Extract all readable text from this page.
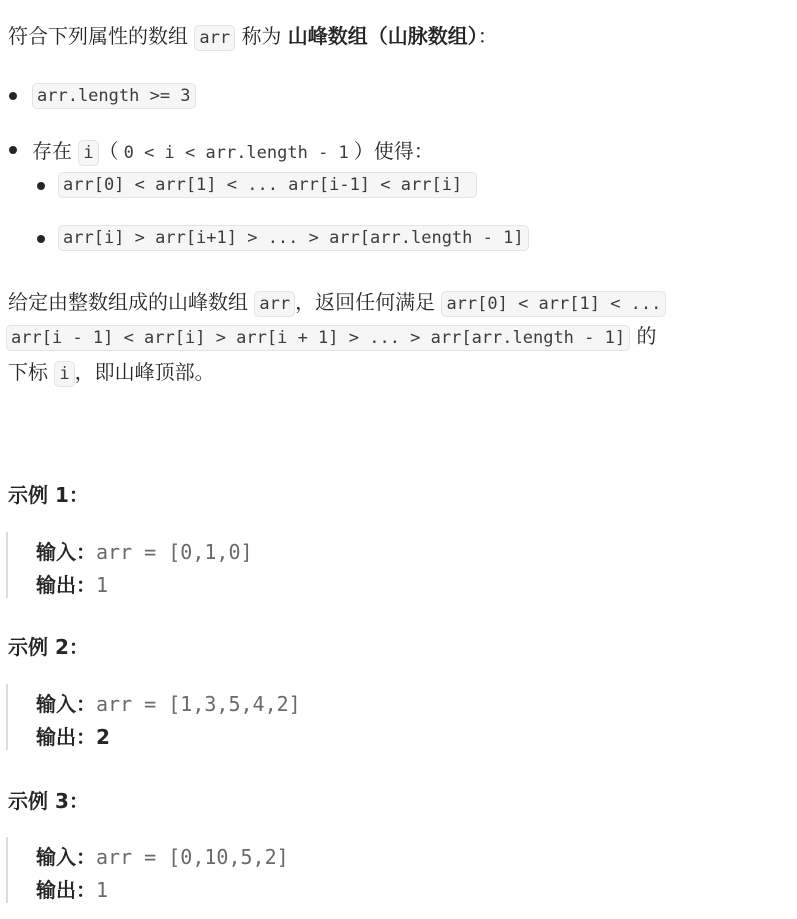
符合下列属性的数组 arr 称为 山峰数组（山脉数组）：
arr.length >= 3
存在 i （ 0 < i < arr.length - 1 ）使得：
arr[0] < arr[1] < ... arr[i-1] < arr[i]
arr[i] > arr[i+1] > ... > arr[arr.length - 1]
给定由整数组成的山峰数组 arr ，返回任何满足 arr[0] < arr[1] < ...
arr[i - 1] < arr[i] > arr[i + 1] > ... > arr[arr.length - 1] 的
下标 i ，即山峰顶部。
示例 1：
输入：arr = [0,1,0]
输出：1
示例 2：
输入：arr = [1,3,5,4,2]
输出：2
示例 3：
输入：arr = [0,10,5,2]
输出：1
